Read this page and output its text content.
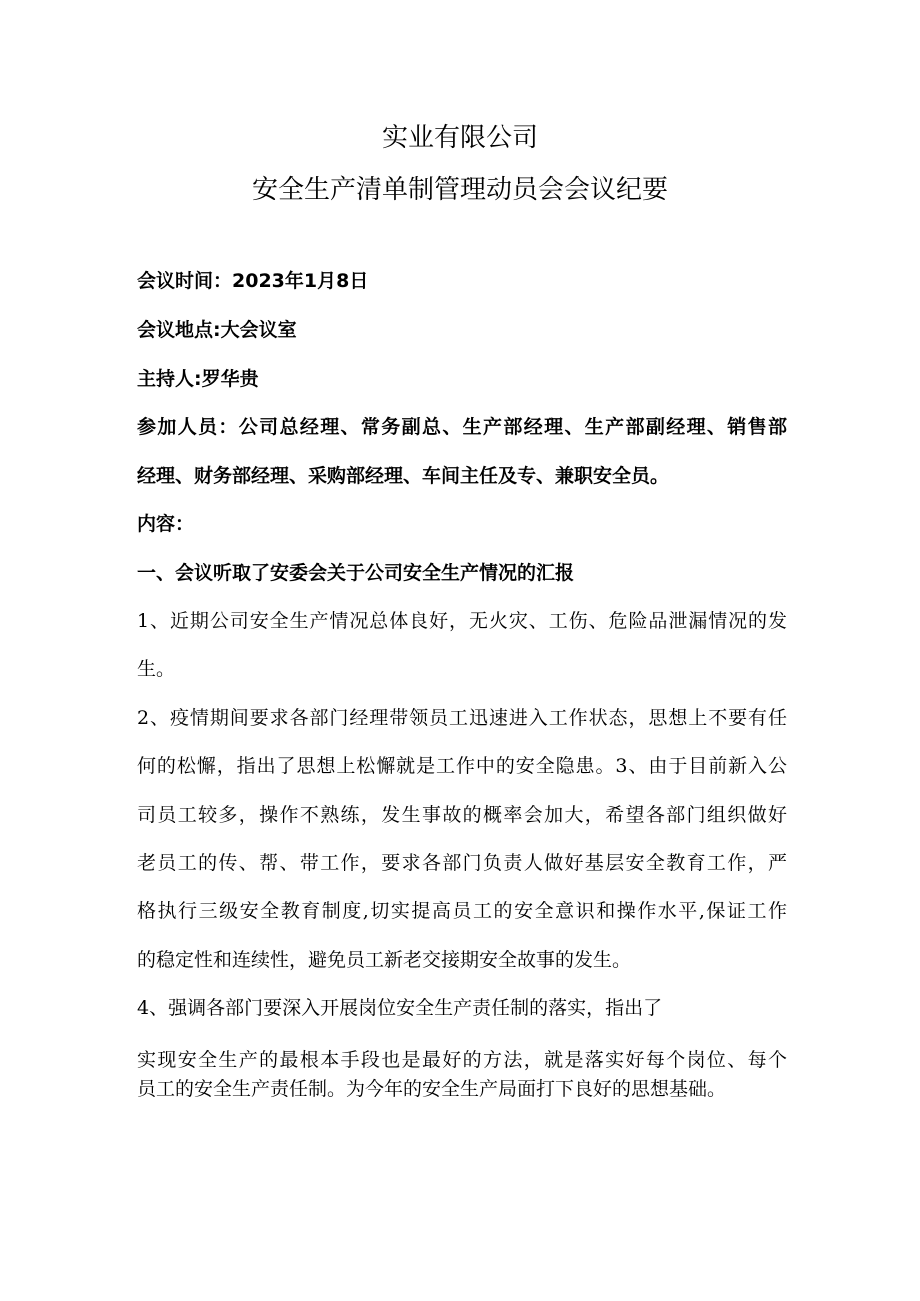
实业有限公司
安全生产清单制管理动员会会议纪要
会议时间：2023年1月8日
会议地点:大会议室
主持人:罗华贵
参加人员：公司总经理、常务副总、生产部经理、生产部副经理、销售部
经理、财务部经理、采购部经理、车间主任及专、兼职安全员。
内容：
一、会议听取了安委会关于公司安全生产情况的汇报
1、近期公司安全生产情况总体良好，无火灾、工伤、危险品泄漏情况的发
生。
2、疫情期间要求各部门经理带领员工迅速进入工作状态，思想上不要有任
何的松懈，指出了思想上松懈就是工作中的安全隐患。3、由于目前新入公
司员工较多，操作不熟练，发生事故的概率会加大，希望各部门组织做好
老员工的传、帮、带工作，要求各部门负责人做好基层安全教育工作，严
格执行三级安全教育制度,切实提高员工的安全意识和操作水平,保证工作
的稳定性和连续性，避免员工新老交接期安全故事的发生。
4、强调各部门要深入开展岗位安全生产责任制的落实，指出了
实现安全生产的最根本手段也是最好的方法，就是落实好每个岗位、每个
员工的安全生产责任制。为今年的安全生产局面打下良好的思想基础。
